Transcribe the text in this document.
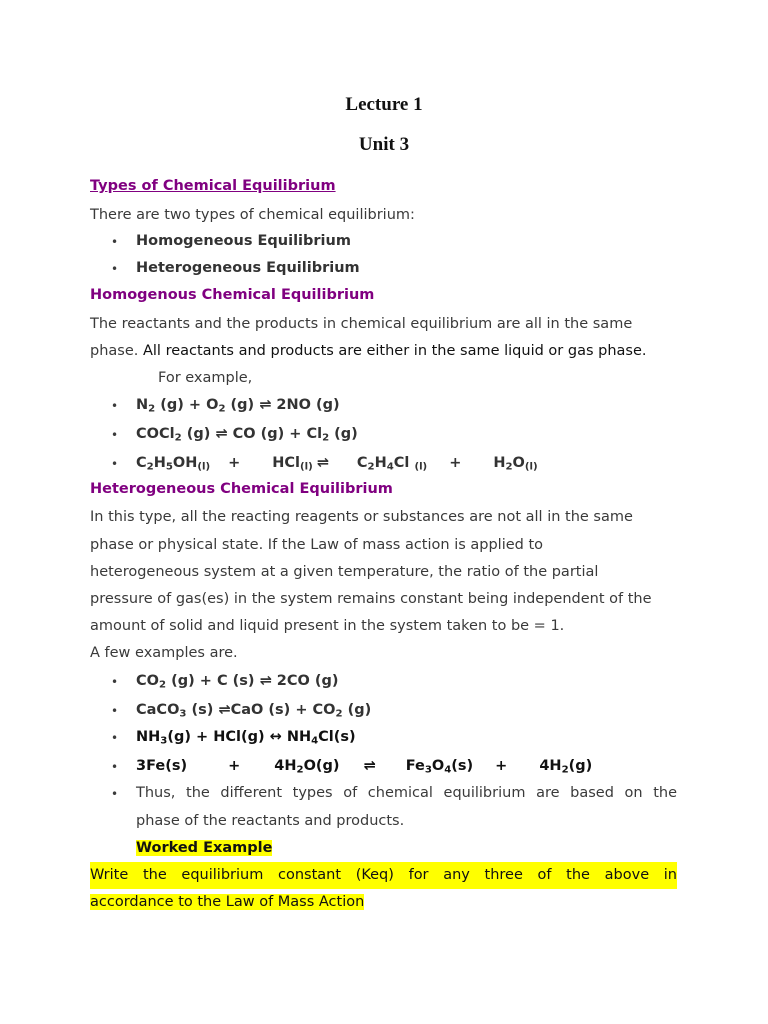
Lecture 1
Unit 3
Types of Chemical Equilibrium
There are two types of chemical equilibrium:
• Homogeneous Equilibrium
• Heterogeneous Equilibrium
Homogenous Chemical Equilibrium
The reactants and the products in chemical equilibrium are all in the same
phase. All reactants and products are either in the same liquid or gas phase.
For example,
• $N_2$ $(g) + O_2$ (g) ⇌ 2NO (g)
• COCl$_2$ (g) ⇌ CO $(g) + Cl_2$ (g)
• $C_2H_5OH_{(l)} + HCl_{(l)}$ ⇌ $C_2H_4Cl$ $_{(l)} + H_2O_{(l)}$
Heterogeneous Chemical Equilibrium
In this type, all the reacting reagents or substances are not all in the same
phase or physical state. If the Law of mass action is applied to
heterogeneous system at a given temperature, the ratio of the partial
pressure of gas(es) in the system remains constant being independent of the
amount of solid and liquid present in the system taken to be = 1.
A few examples are.
• $CO_2$ (g) + C (s) ⇌ 2CO (g)
• CaCO$_3$ (s) ⇌CaO $(s) + CO_2$ (g)
• $NH_3(g) + HCl(g)$ ↔ $NH_4Cl(s)$
• 3Fe(s)	+ $4H_2O(g)$ ⇌ $Fe_3O_4(s) + 4H_2(g)$
• Thus, the different types of chemical equilibrium are based on the
phase of the reactants and products.
Worked Example
Write the equilibrium constant (Keq) for any three of the above in
accordance to the Law of Mass Action
